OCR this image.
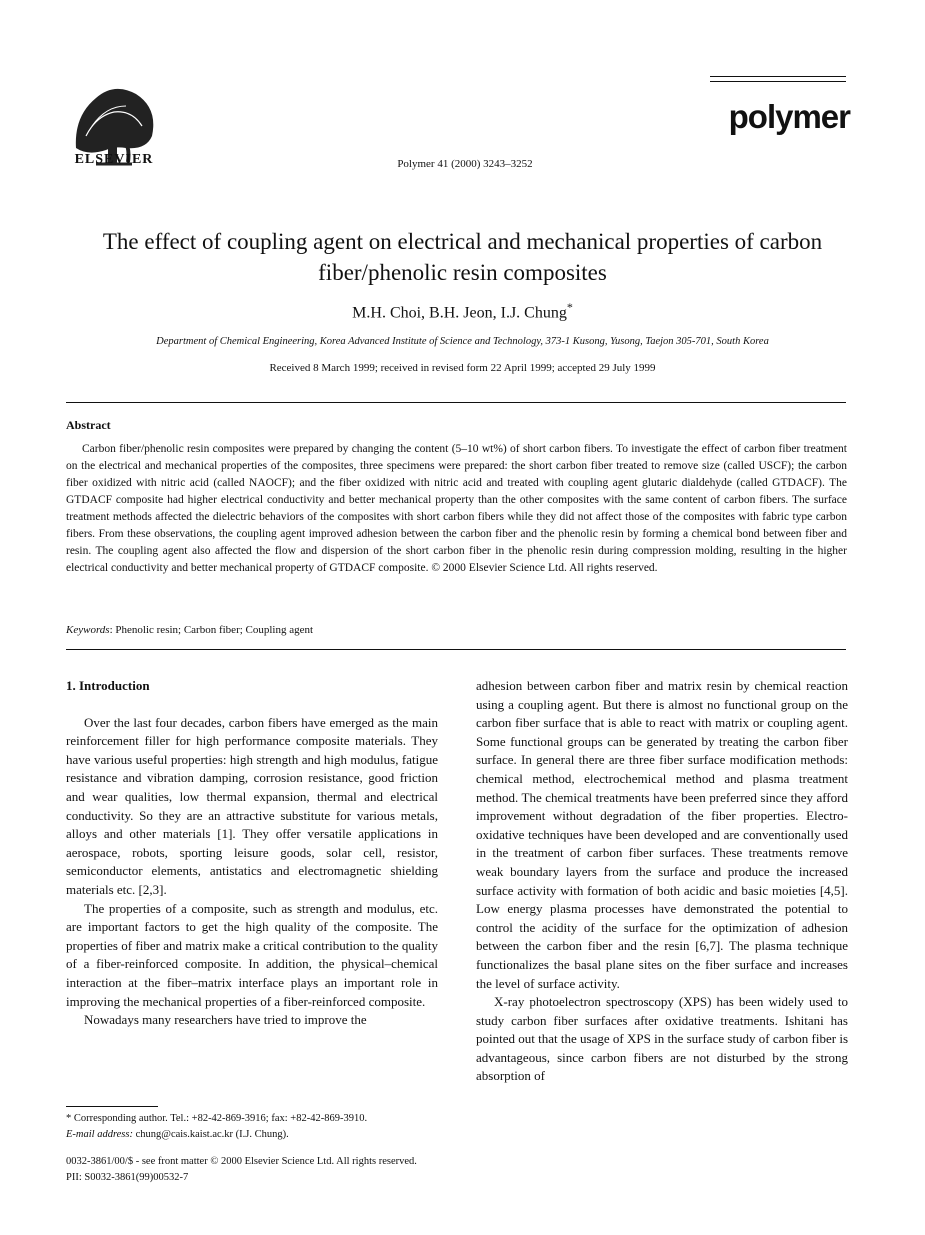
ELSEVIER	Polymer 41 (2000) 3243–3252
polymer
The effect of coupling agent on electrical and mechanical properties of carbon fiber/phenolic resin composites
M.H. Choi, B.H. Jeon, I.J. Chung*
Department of Chemical Engineering, Korea Advanced Institute of Science and Technology, 373-1 Kusong, Yusong, Taejon 305-701, South Korea
Received 8 March 1999; received in revised form 22 April 1999; accepted 29 July 1999
Abstract
Carbon fiber/phenolic resin composites were prepared by changing the content (5–10 wt%) of short carbon fibers. To investigate the effect of carbon fiber treatment on the electrical and mechanical properties of the composites, three specimens were prepared: the short carbon fiber treated to remove size (called USCF); the carbon fiber oxidized with nitric acid (called NAOCF); and the fiber oxidized with nitric acid and treated with coupling agent glutaric dialdehyde (called GTDACF). The GTDACF composite had higher electrical conductivity and better mechanical property than the other composites with the same content of carbon fibers. The surface treatment methods affected the dielectric behaviors of the composites with short carbon fibers while they did not affect those of the composites with fabric type carbon fibers. From these observations, the coupling agent improved adhesion between the carbon fiber and the phenolic resin by forming a chemical bond between fiber and resin. The coupling agent also affected the flow and dispersion of the short carbon fiber in the phenolic resin during compression molding, resulting in the higher electrical conductivity and better mechanical property of GTDACF composite. © 2000 Elsevier Science Ltd. All rights reserved.
Keywords: Phenolic resin; Carbon fiber; Coupling agent
1. Introduction

Over the last four decades, carbon fibers have emerged as the main reinforcement filler for high performance composite materials. They have various useful properties: high strength and high modulus, fatigue resistance and vibration damping, corrosion resistance, good friction and wear qualities, low thermal expansion, thermal and electrical conductivity. So they are an attractive substitute for various metals, alloys and other materials [1]. They offer versatile applications in aerospace, robots, sporting leisure goods, solar cell, resistor, semiconductor elements, antistatics and electromagnetic shielding materials etc. [2,3].

The properties of a composite, such as strength and modulus, etc. are important factors to get the high quality of the composite. The properties of fiber and matrix make a critical contribution to the quality of a fiber-reinforced composite. In addition, the physical–chemical interaction at the fiber–matrix interface plays an important role in improving the mechanical properties of a fiber-reinforced composite.

Nowadays many researchers have tried to improve the

adhesion between carbon fiber and matrix resin by chemical reaction using a coupling agent. But there is almost no functional group on the carbon fiber surface that is able to react with matrix or coupling agent. Some functional groups can be generated by treating the carbon fiber surface. In general there are three fiber surface modification methods: chemical method, electrochemical method and plasma treatment method. The chemical treatments have been preferred since they afford improvement without degradation of the fiber properties. Electro-oxidative techniques have been developed and are conventionally used in the treatment of carbon fiber surfaces. These treatments remove weak boundary layers from the surface and produce the increased surface activity with formation of both acidic and basic moieties [4,5]. Low energy plasma processes have demonstrated the potential to control the acidity of the surface for the optimization of adhesion between the carbon fiber and the resin [6,7]. The plasma technique functionalizes the basal plane sites on the fiber surface and increases the level of surface activity.

X-ray photoelectron spectroscopy (XPS) has been widely used to study carbon fiber surfaces after oxidative treatments. Ishitani has pointed out that the usage of XPS in the surface study of carbon fiber is advantageous, since carbon fibers are not disturbed by the strong absorption of

* Corresponding author. Tel.: +82-42-869-3916; fax: +82-42-869-3910.
E-mail address: chung@cais.kaist.ac.kr (I.J. Chung).
0032-3861/00/$ - see front matter © 2000 Elsevier Science Ltd. All rights reserved.
PII: S0032-3861(99)00532-7
